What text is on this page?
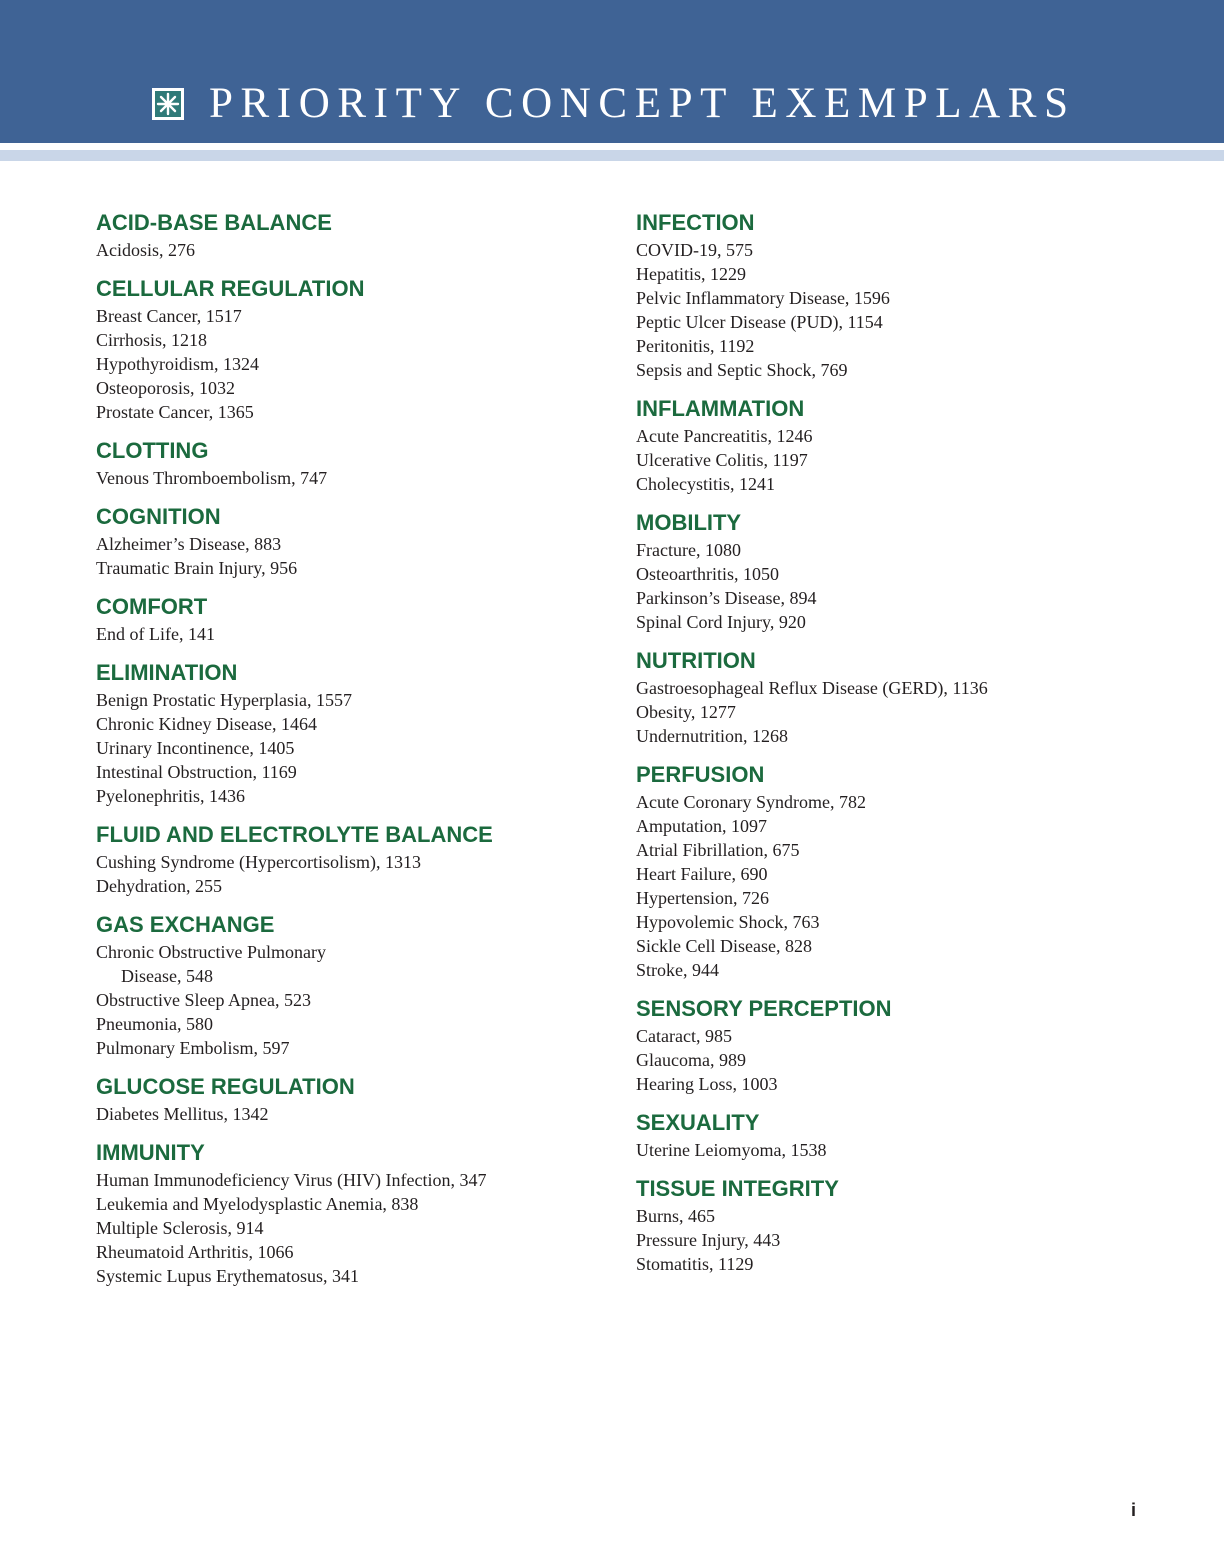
PRIORITY CONCEPT EXEMPLARS
ACID-BASE BALANCE
Acidosis, 276
CELLULAR REGULATION
Breast Cancer, 1517
Cirrhosis, 1218
Hypothyroidism, 1324
Osteoporosis, 1032
Prostate Cancer, 1365
CLOTTING
Venous Thromboembolism, 747
COGNITION
Alzheimer’s Disease, 883
Traumatic Brain Injury, 956
COMFORT
End of Life, 141
ELIMINATION
Benign Prostatic Hyperplasia, 1557
Chronic Kidney Disease, 1464
Urinary Incontinence, 1405
Intestinal Obstruction, 1169
Pyelonephritis, 1436
FLUID AND ELECTROLYTE BALANCE
Cushing Syndrome (Hypercortisolism), 1313
Dehydration, 255
GAS EXCHANGE
Chronic Obstructive Pulmonary
Disease, 548
Obstructive Sleep Apnea, 523
Pneumonia, 580
Pulmonary Embolism, 597
GLUCOSE REGULATION
Diabetes Mellitus, 1342
IMMUNITY
Human Immunodeficiency Virus (HIV) Infection, 347
Leukemia and Myelodysplastic Anemia, 838
Multiple Sclerosis, 914
Rheumatoid Arthritis, 1066
Systemic Lupus Erythematosus, 341
INFECTION
COVID-19, 575
Hepatitis, 1229
Pelvic Inflammatory Disease, 1596
Peptic Ulcer Disease (PUD), 1154
Peritonitis, 1192
Sepsis and Septic Shock, 769
INFLAMMATION
Acute Pancreatitis, 1246
Ulcerative Colitis, 1197
Cholecystitis, 1241
MOBILITY
Fracture, 1080
Osteoarthritis, 1050
Parkinson’s Disease, 894
Spinal Cord Injury, 920
NUTRITION
Gastroesophageal Reflux Disease (GERD), 1136
Obesity, 1277
Undernutrition, 1268
PERFUSION
Acute Coronary Syndrome, 782
Amputation, 1097
Atrial Fibrillation, 675
Heart Failure, 690
Hypertension, 726
Hypovolemic Shock, 763
Sickle Cell Disease, 828
Stroke, 944
SENSORY PERCEPTION
Cataract, 985
Glaucoma, 989
Hearing Loss, 1003
SEXUALITY
Uterine Leiomyoma, 1538
TISSUE INTEGRITY
Burns, 465
Pressure Injury, 443
Stomatitis, 1129
i
